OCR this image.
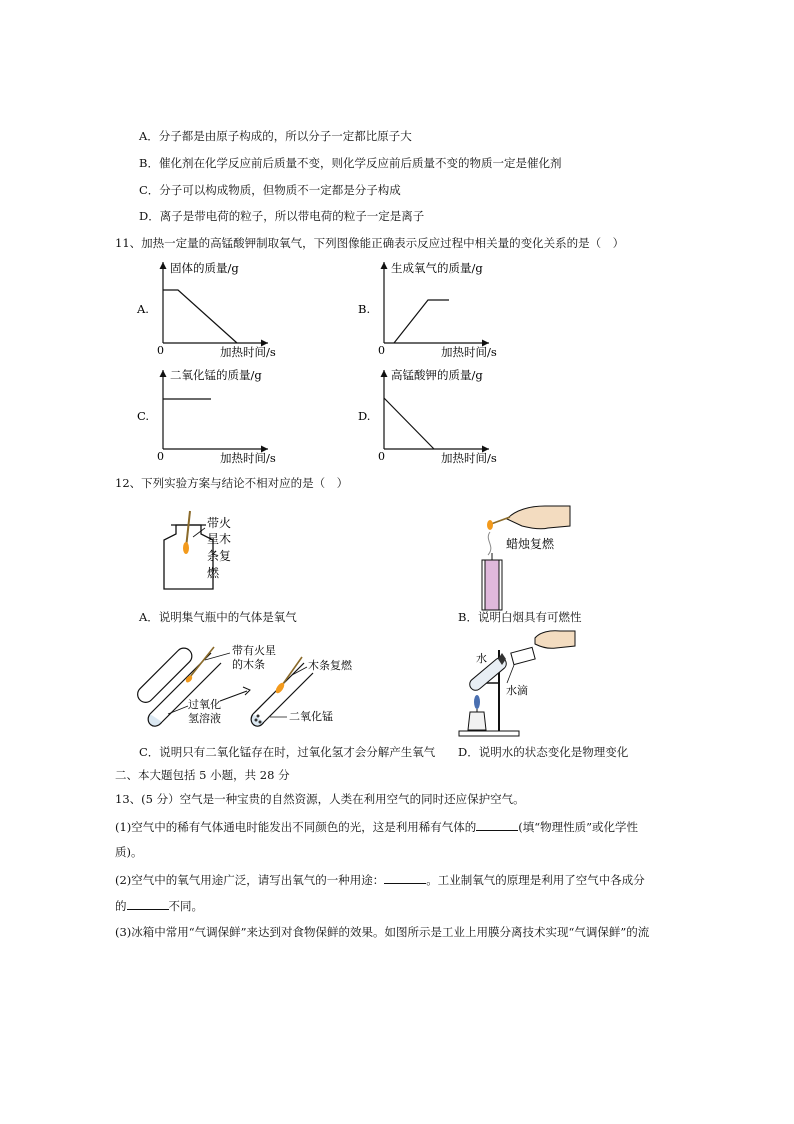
A．分子都是由原子构成的，所以分子一定都比原子大
B．催化剂在化学反应前后质量不变，则化学反应前后质量不变的物质一定是催化剂
C．分子可以构成物质，但物质不一定都是分子构成
D．离子是带电荷的粒子，所以带电荷的粒子一定是离子
11、加热一定量的高锰酸钾制取氧气，下列图像能正确表示反应过程中相关量的变化关系的是（　）
A.
固体的质量/g
加热时间/s
0
B.
生成氧气的质量/g
加热时间/s
0
C.
二氧化锰的质量/g
加热时间/s
0
D.
高锰酸钾的质量/g
加热时间/s
0
12、下列实验方案与结论不相对应的是（　）
带火
星木
条复
燃
蜡烛复燃
带有火星
的木条
过氧化
氢溶液
木条复燃
二氧化锰
水
水滴
A．说明集气瓶中的气体是氧气	B．说明白烟具有可燃性
C．说明只有二氧化锰存在时，过氧化氢才会分解产生氧气 D．说明水的状态变化是物理变化
二、本大题包括 5 小题，共 28 分
13、(5 分）空气是一种宝贵的自然资源，人类在利用空气的同时还应保护空气。
(1)空气中的稀有气体通电时能发出不同颜色的光，这是利用稀有气体的	(填“物理性质”或化学性
质)。
(2)空气中的氧气用途广泛，请写出氧气的一种用途：	。工业制氧气的原理是利用了空气中各成分
的	不同。
(3)冰箱中常用“气调保鲜”来达到对食物保鲜的效果。如图所示是工业上用膜分离技术实现“气调保鲜”的流
